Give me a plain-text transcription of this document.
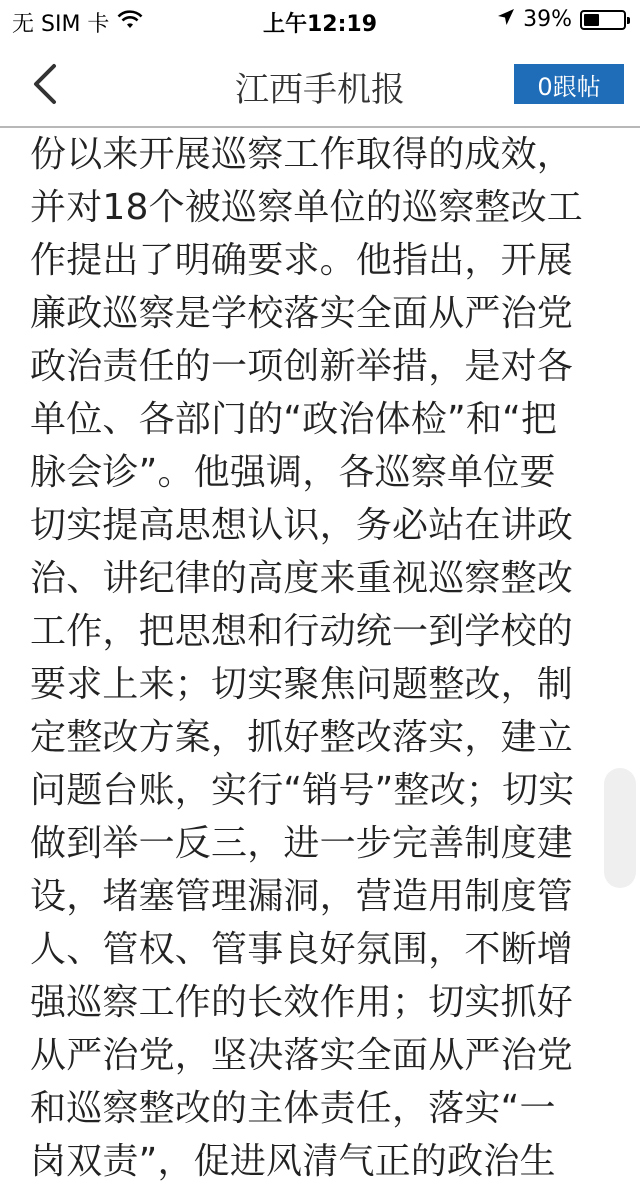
无 SIM 卡	上午12:19	39%
江西手机报	0跟帖
份以来开展巡察工作取得的成效，
并对18个被巡察单位的巡察整改工
作提出了明确要求。他指出，开展
廉政巡察是学校落实全面从严治党
政治责任的一项创新举措，是对各
单位、各部门的“政治体检”和“把
脉会诊”。他强调，各巡察单位要
切实提高思想认识，务必站在讲政
治、讲纪律的高度来重视巡察整改
工作，把思想和行动统一到学校的
要求上来；切实聚焦问题整改，制
定整改方案，抓好整改落实，建立
问题台账，实行“销号”整改；切实
做到举一反三，进一步完善制度建
设，堵塞管理漏洞，营造用制度管
人、管权、管事良好氛围，不断增
强巡察工作的长效作用；切实抓好
从严治党，坚决落实全面从严治党
和巡察整改的主体责任，落实“一
岗双责”，促进风清气正的政治生
